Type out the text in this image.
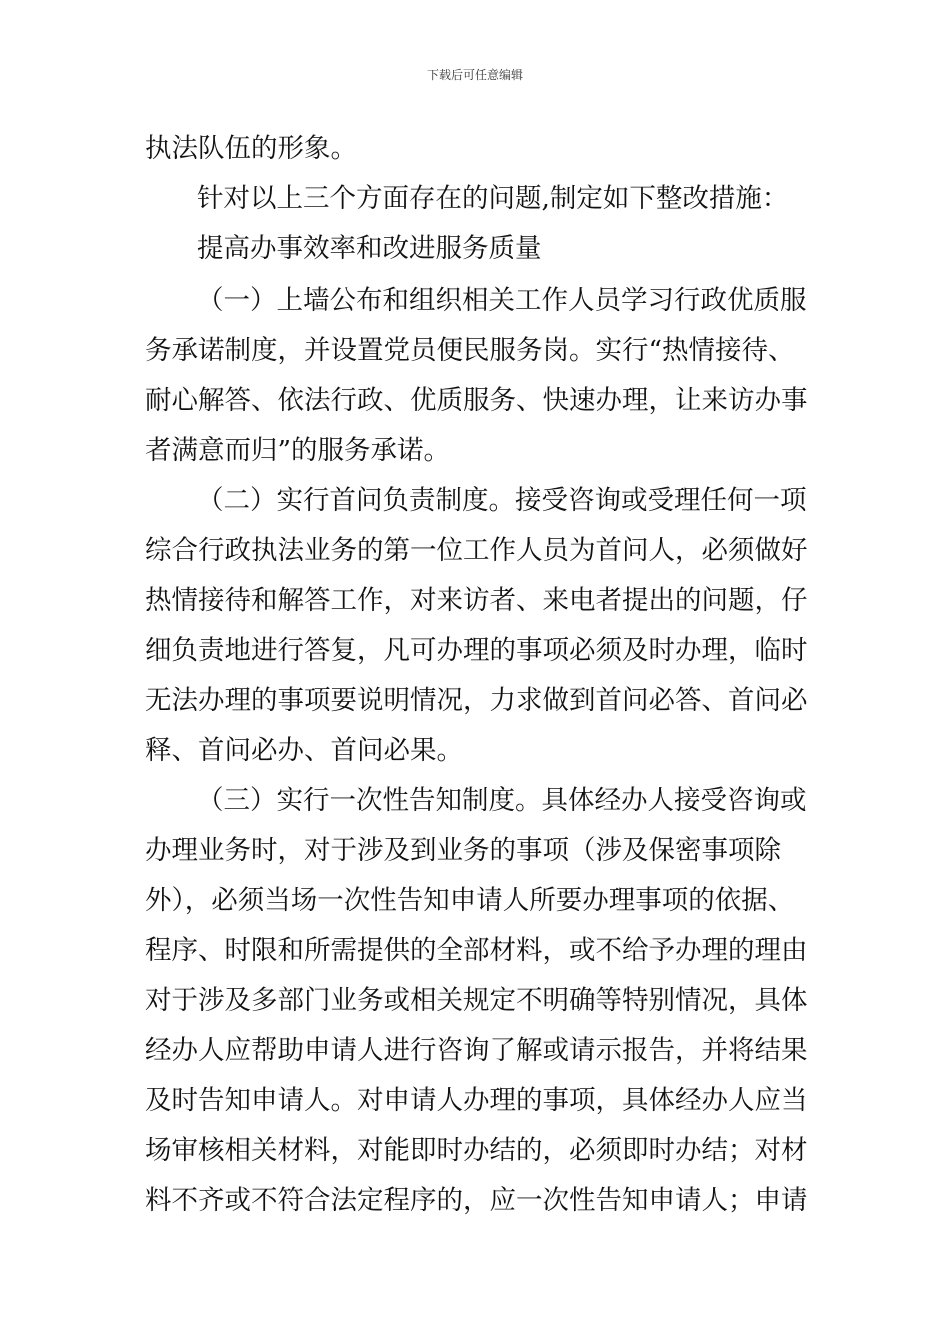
下载后可任意编辑
执法队伍的形象。
针对以上三个方面存在的问题,制定如下整改措施：
提高办事效率和改进服务质量
（一）上墙公布和组织相关工作人员学习行政优质服
务承诺制度，并设置党员便民服务岗。实行“热情接待、
耐心解答、依法行政、优质服务、快速办理，让来访办事
者满意而归”的服务承诺。
（二）实行首问负责制度。接受咨询或受理任何一项
综合行政执法业务的第一位工作人员为首问人，必须做好
热情接待和解答工作，对来访者、来电者提出的问题，仔
细负责地进行答复，凡可办理的事项必须及时办理，临时
无法办理的事项要说明情况，力求做到首问必答、首问必
释、首问必办、首问必果。
（三）实行一次性告知制度。具体经办人接受咨询或
办理业务时，对于涉及到业务的事项（涉及保密事项除
外），必须当场一次性告知申请人所要办理事项的依据、
程序、时限和所需提供的全部材料，或不给予办理的理由
对于涉及多部门业务或相关规定不明确等特别情况，具体
经办人应帮助申请人进行咨询了解或请示报告，并将结果
及时告知申请人。对申请人办理的事项，具体经办人应当
场审核相关材料，对能即时办结的，必须即时办结；对材
料不齐或不符合法定程序的，应一次性告知申请人；申请
